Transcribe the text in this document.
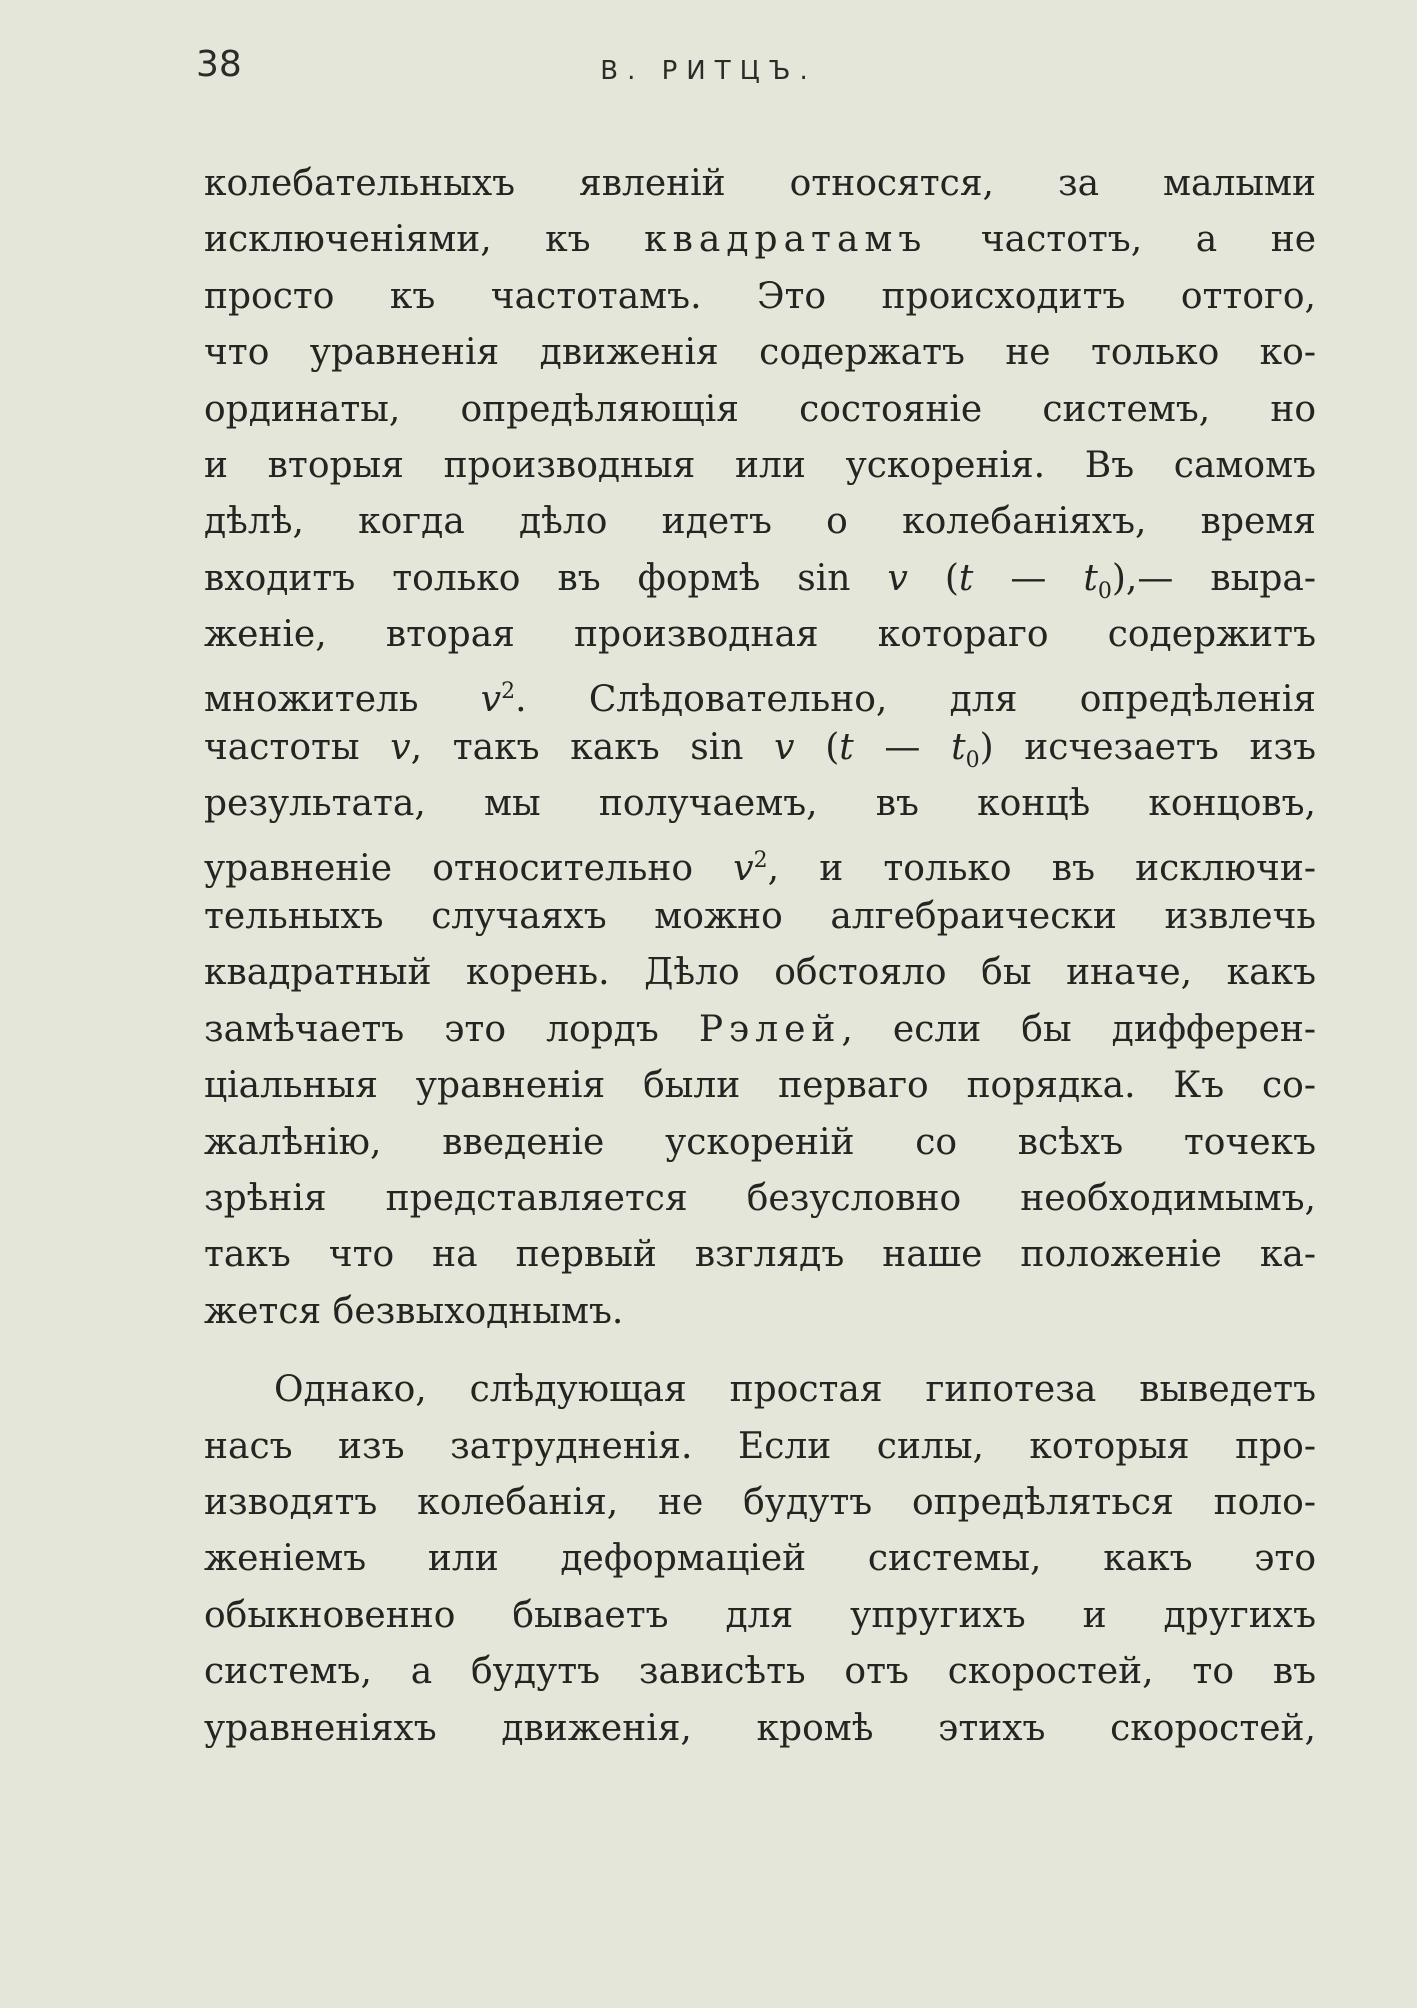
38	В. РИТЦЪ.
колебательныхъ явленій относятся, за малыми
исключеніями, къ квадратамъ частотъ, а не
просто къ частотамъ. Это происходитъ оттого,
что уравненія движенія содержатъ не только ко-
ординаты, опредѣляющія состояніе системъ, но
и вторыя производныя или ускоренія. Въ самомъ
дѣлѣ, когда дѣло идетъ о колебаніяхъ, время
входитъ только въ формѣ sin v (t — $t_0),—$ выра-
женіе, вторая производная котораго содержитъ
множитель $v^2$. Слѣдовательно, для опредѣленія
частоты v, такъ какъ sin v (t — $t_0$) исчезаетъ изъ
результата, мы получаемъ, въ концѣ концовъ,
уравненіе относительно $v^2$, и только въ исключи-
тельныхъ случаяхъ можно алгебраически извлечь
квадратный корень. Дѣло обстояло бы иначе, какъ
замѣчаетъ это лордъ Рэлей, если бы дифферен-
ціальныя уравненія были перваго порядка. Къ со-
жалѣнію, введеніе ускореній со всѣхъ точекъ
зрѣнія представляется безусловно необходимымъ,
такъ что на первый взглядъ наше положеніе ка-
жется безвыходнымъ.
Однако, слѣдующая простая гипотеза выведетъ
насъ изъ затрудненія. Если силы, которыя про-
изводятъ колебанія, не будутъ опредѣляться поло-
женіемъ или деформаціей системы, какъ это
обыкновенно бываетъ для упругихъ и другихъ
системъ, а будутъ зависѣть отъ скоростей, то въ
уравненіяхъ движенія, кромѣ этихъ скоростей,
